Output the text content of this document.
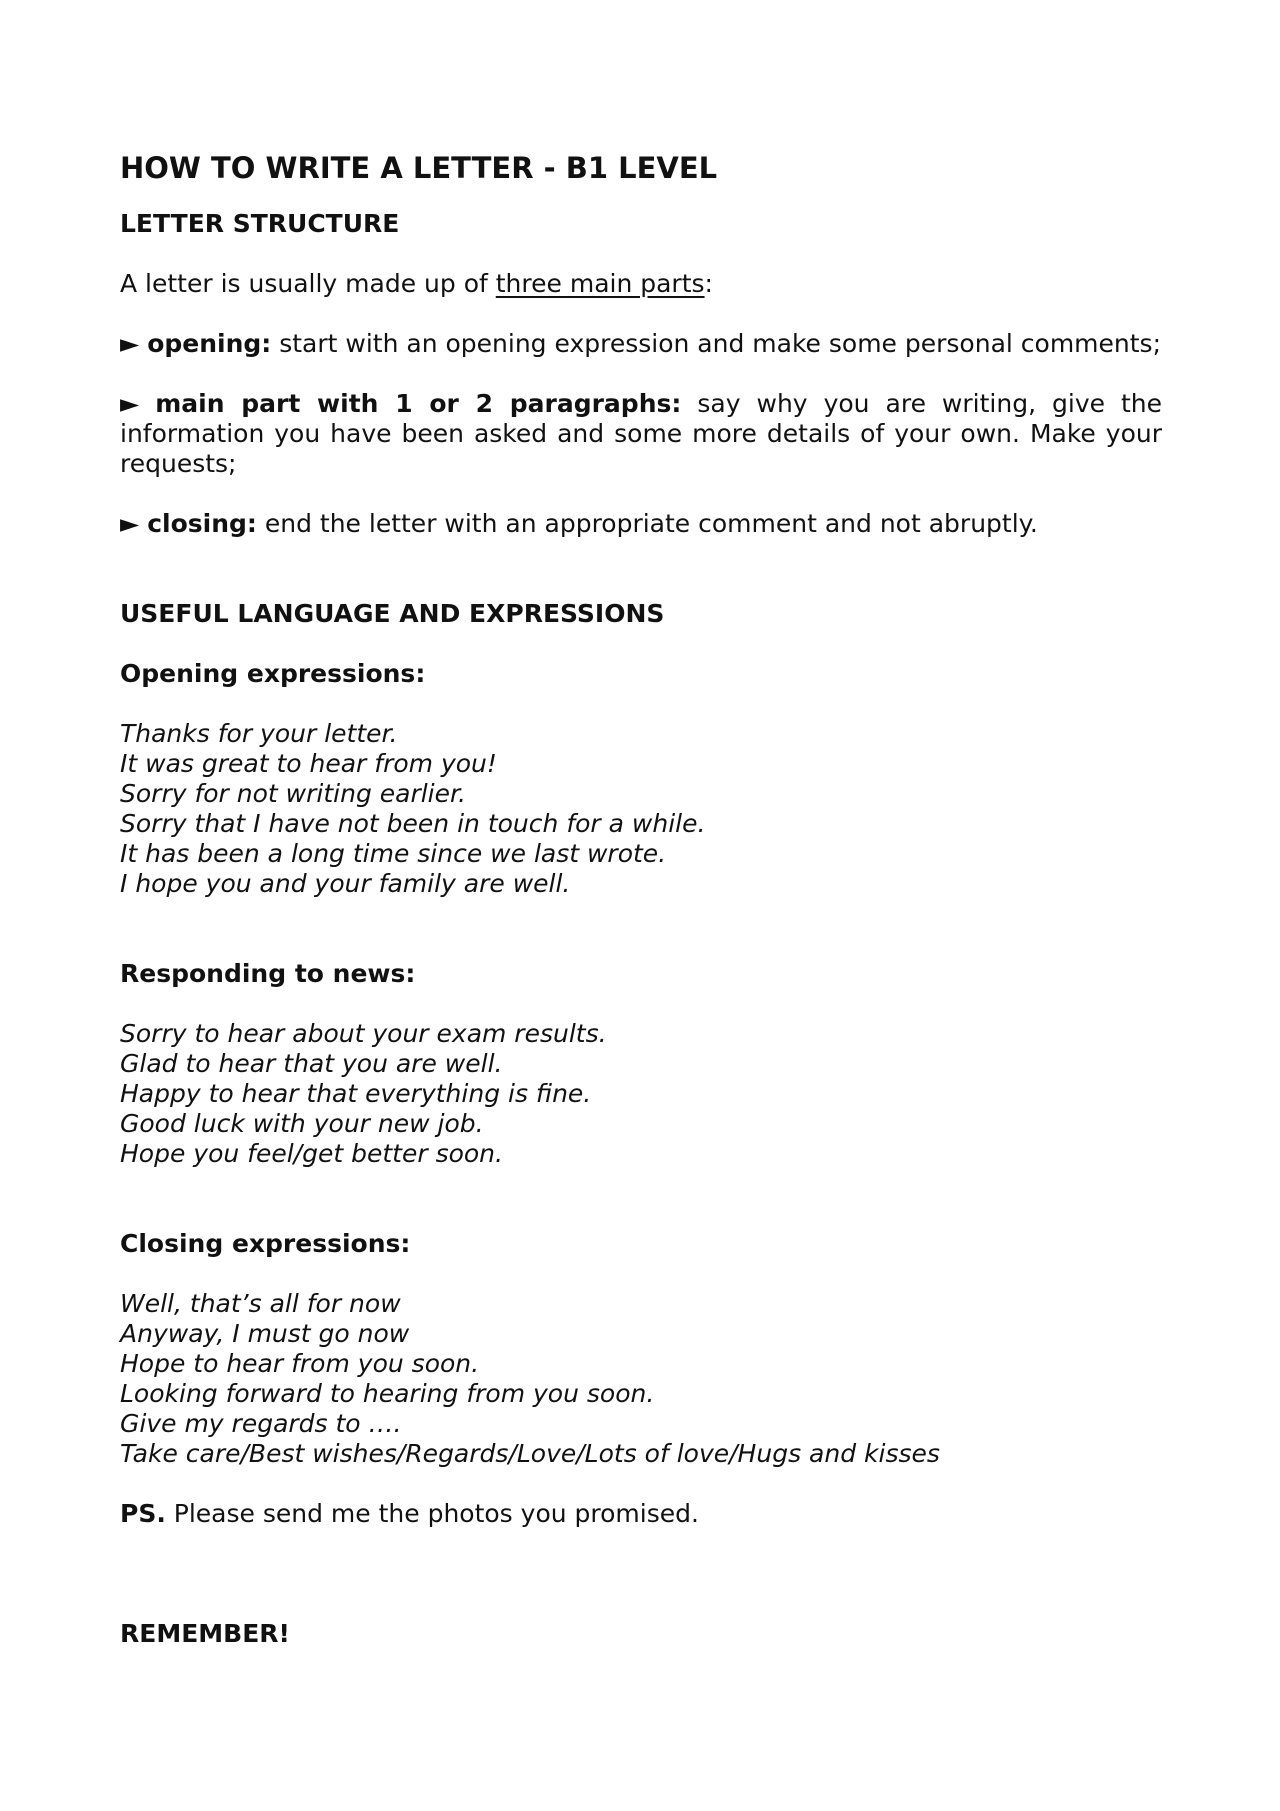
HOW TO WRITE A LETTER - B1 LEVEL
LETTER STRUCTURE

A letter is usually made up of three main parts:

► opening: start with an opening expression and make some personal comments;

► main part with 1 or 2 paragraphs: say why you are writing, give the information you have been asked and some more details of your own. Make your requests;

► closing: end the letter with an appropriate comment and not abruptly.

USEFUL LANGUAGE AND EXPRESSIONS
Opening expressions:
Thanks for your letter.
It was great to hear from you!
Sorry for not writing earlier.
Sorry that I have not been in touch for a while.
It has been a long time since we last wrote.
I hope you and your family are well.
Responding to news:
Sorry to hear about your exam results.
Glad to hear that you are well.
Happy to hear that everything is fine.
Good luck with your new job.
Hope you feel/get better soon.
Closing expressions:
Well, that’s all for now
Anyway, I must go now
Hope to hear from you soon.
Looking forward to hearing from you soon.
Give my regards to ….
Take care/Best wishes/Regards/Love/Lots of love/Hugs and kisses

PS. Please send me the photos you promised.

REMEMBER!
